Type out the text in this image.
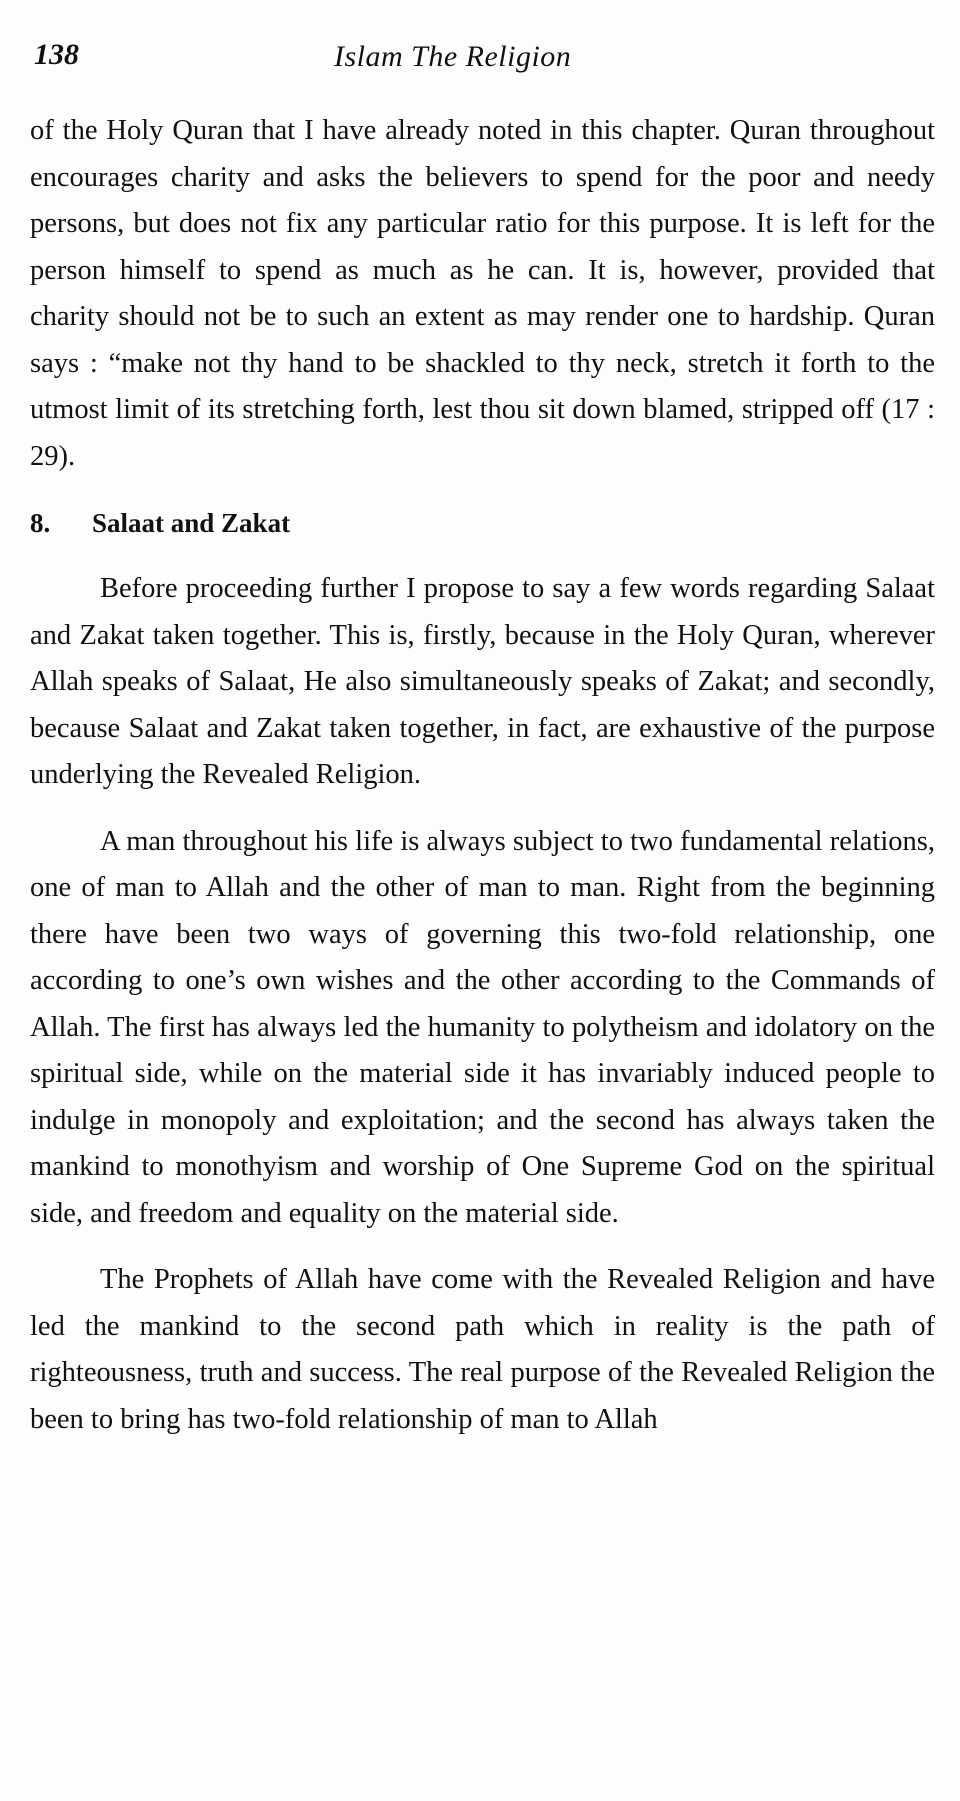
138	Islam The Religion

of the Holy Quran that I have already noted in this chapter. Quran throughout encourages charity and asks the believers to spend for the poor and needy persons, but does not fix any particular ratio for this purpose. It is left for the person himself to spend as much as he can. It is, however, provided that charity should not be to such an extent as may render one to hardship. Quran says : “make not thy hand to be shackled to thy neck, stretch it forth to the utmost limit of its stretching forth, lest thou sit down blamed, stripped off (17 : 29).

8. Salaat and Zakat

Before proceeding further I propose to say a few words regarding Salaat and Zakat taken together. This is, firstly, because in the Holy Quran, wherever Allah speaks of Salaat, He also simultaneously speaks of Zakat; and secondly, because Salaat and Zakat taken together, in fact, are exhaustive of the purpose underlying the Revealed Religion.

A man throughout his life is always subject to two fundamental relations, one of man to Allah and the other of man to man. Right from the beginning there have been two ways of governing this two-fold relationship, one according to one’s own wishes and the other according to the Commands of Allah. The first has always led the humanity to polytheism and idolatory on the spiritual side, while on the material side it has invariably induced people to indulge in monopoly and exploitation; and the second has always taken the mankind to monothyism and worship of One Supreme God on the spiritual side, and freedom and equality on the material side.

The Prophets of Allah have come with the Revealed Religion and have led the mankind to the second path which in reality is the path of righteousness, truth and success. The real purpose of the Revealed Religion the been to bring has two-fold relationship of man to Allah
